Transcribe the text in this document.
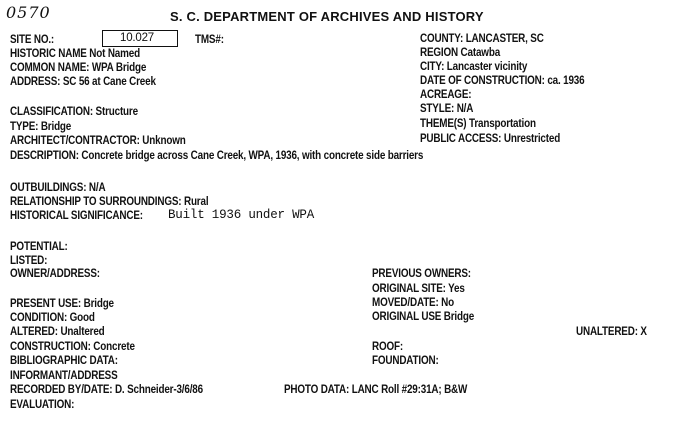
0570	S. C. DEPARTMENT OF ARCHIVES AND HISTORY
SITE NO.:	10.027	TMS#:
HISTORIC NAME Not Named
COMMON NAME: WPA Bridge
ADDRESS: SC 56 at Cane Creek
CLASSIFICATION: Structure
TYPE: Bridge
ARCHITECT/CONTRACTOR: Unknown
DESCRIPTION: Concrete bridge across Cane Creek, WPA, 1936, with concrete side barriers
OUTBUILDINGS: N/A
RELATIONSHIP TO SURROUNDINGS: Rural
HISTORICAL SIGNIFICANCE: Built 1936 under WPA
POTENTIAL:
LISTED:
OWNER/ADDRESS:
PRESENT USE: Bridge
CONDITION: Good
ALTERED: Unaltered
CONSTRUCTION: Concrete
BIBLIOGRAPHIC DATA:
INFORMANT/ADDRESS
RECORDED BY/DATE: D. Schneider-3/6/86	PHOTO DATA: LANC Roll #29:31A; B&W
EVALUATION:
COUNTY: LANCASTER, SC
REGION Catawba
CITY: Lancaster vicinity
DATE OF CONSTRUCTION: ca. 1936
ACREAGE:
STYLE: N/A
THEME(S) Transportation
PUBLIC ACCESS: Unrestricted
PREVIOUS OWNERS:
ORIGINAL SITE: Yes
MOVED/DATE: No
ORIGINAL USE Bridge
UNALTERED: X
ROOF:
FOUNDATION:
